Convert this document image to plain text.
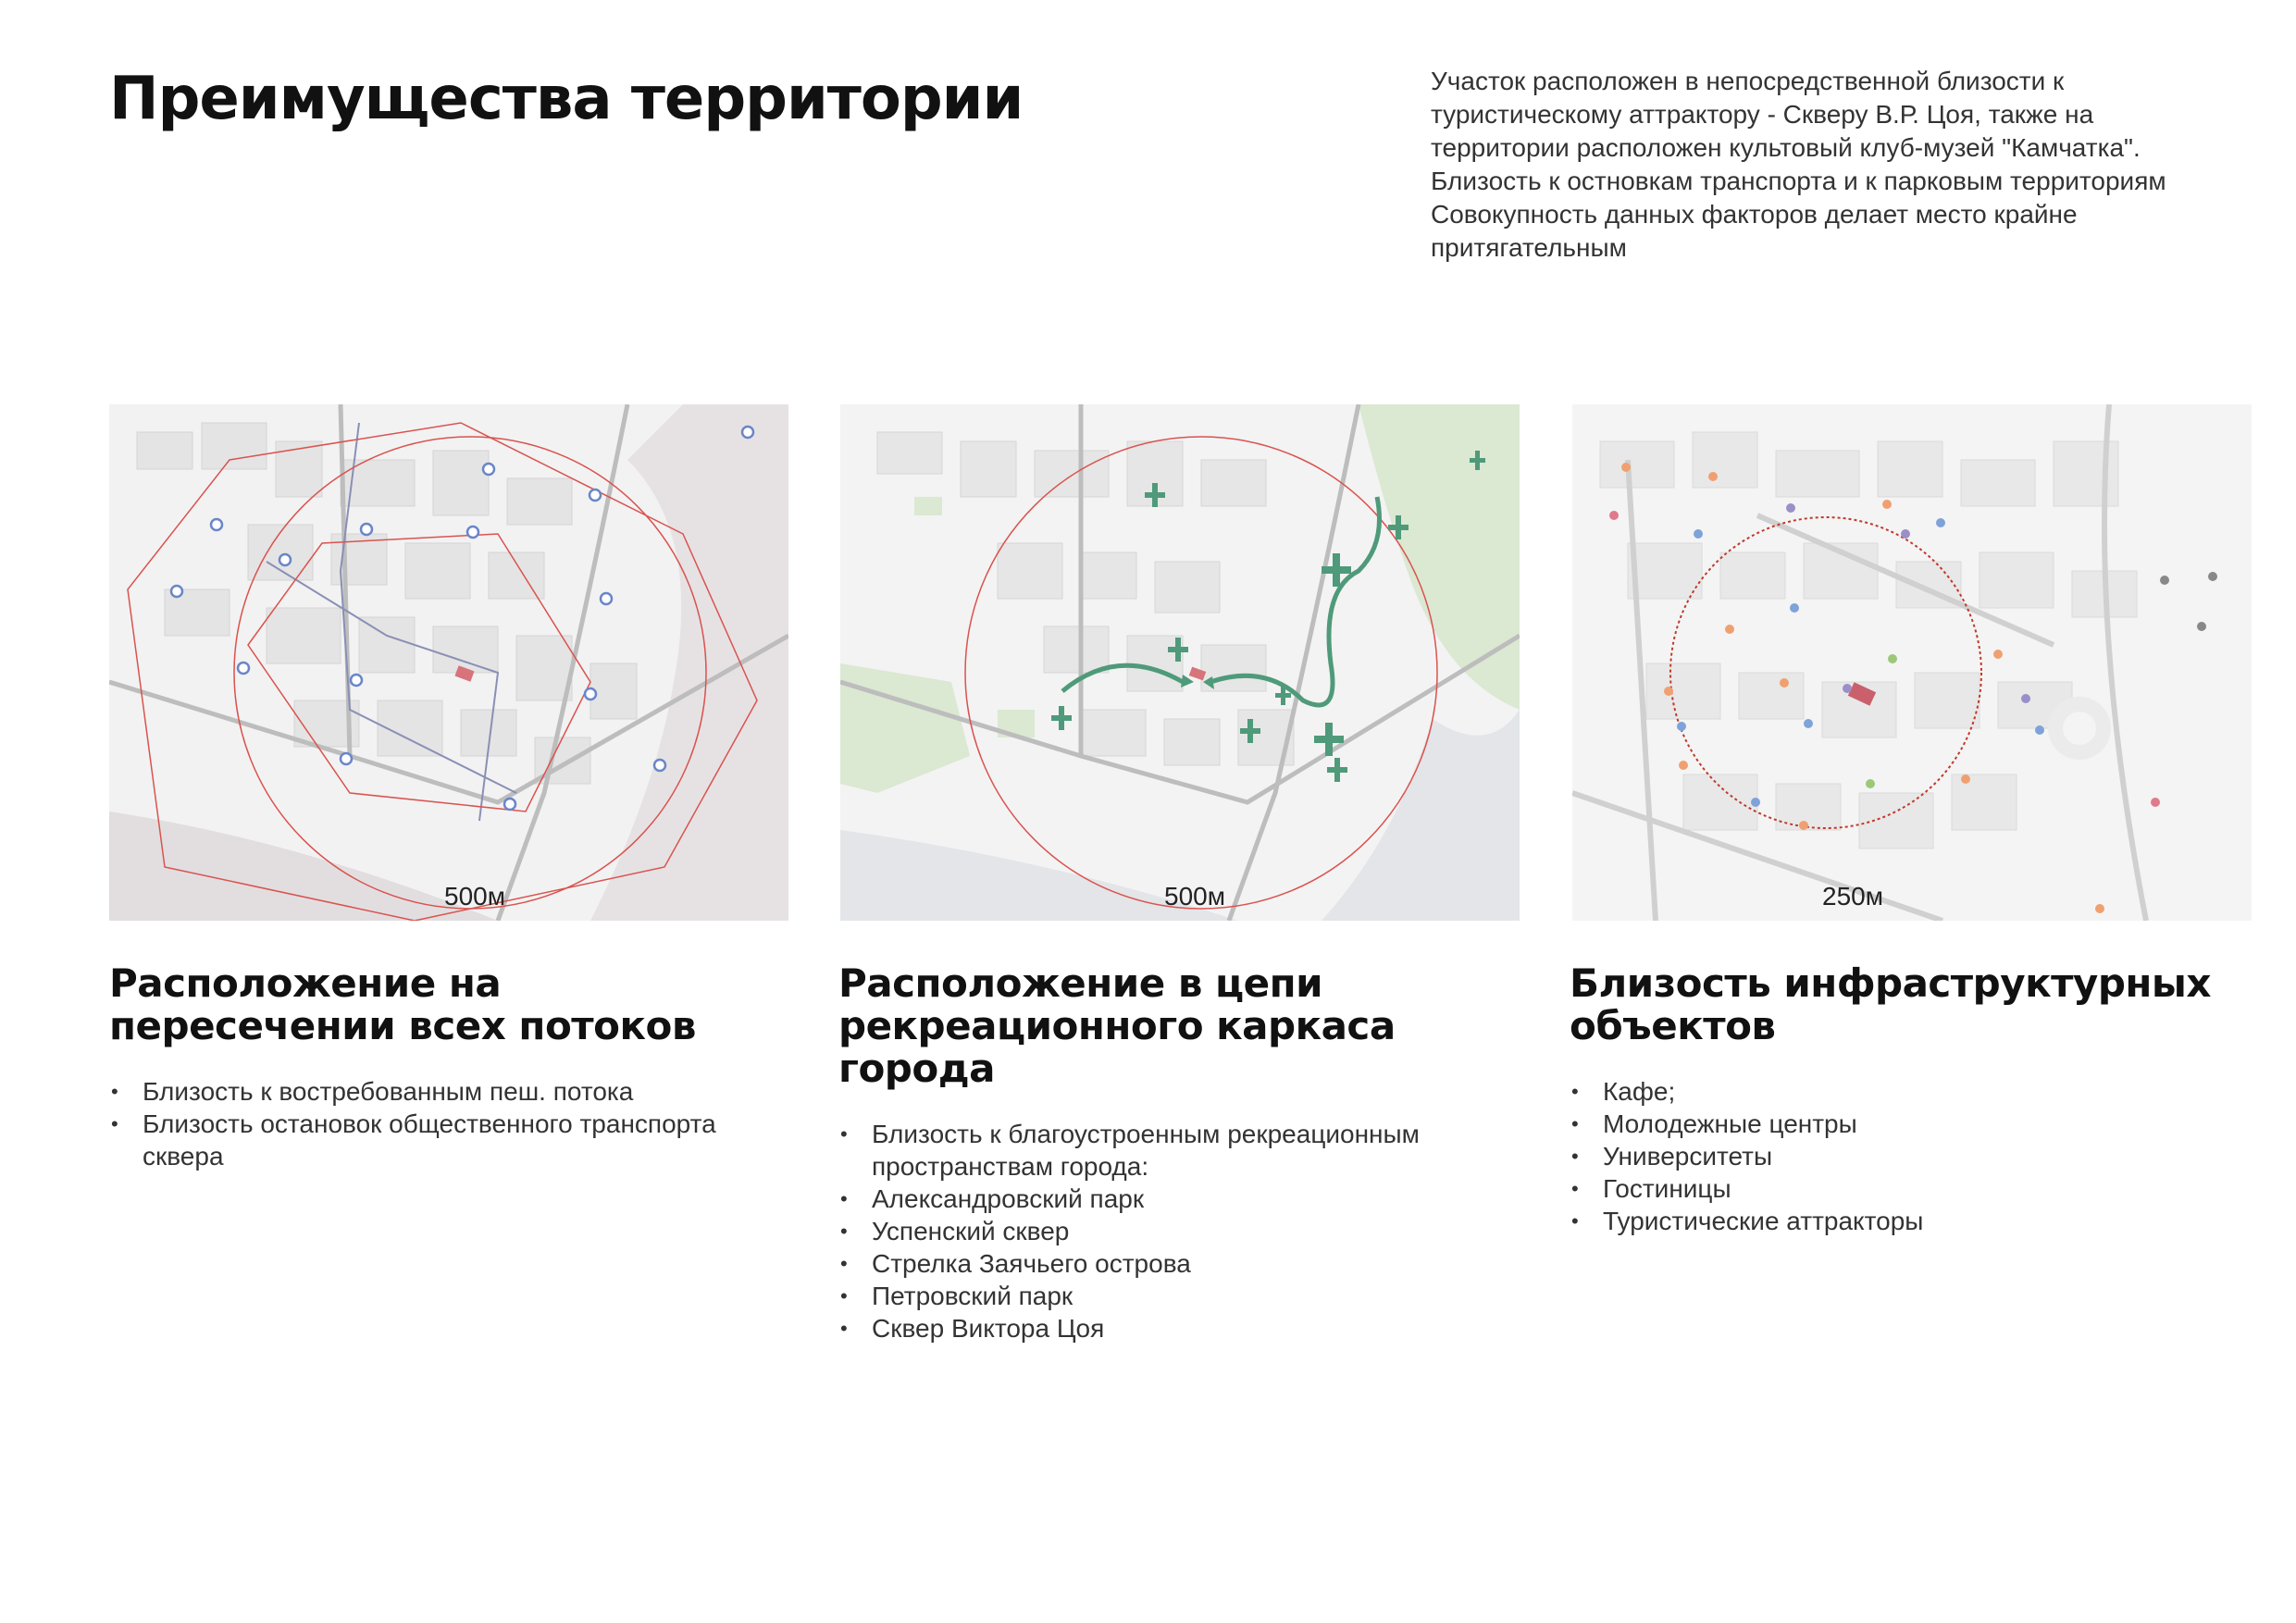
Преимущества территории	Участок расположен в непосредственной близости к
туристическому аттрактору - Скверу В.Р. Цоя, также на
территории расположен культовый клуб-музей "Камчатка".
Близость к остновкам транспорта и к парковым территориям
Совокупность данных факторов делает место крайне
притягательным
500м	500м	250м
Расположение на
пересечении всех потоков
• Близость к востребованным пеш. потока
• Близость остановок общественного транспорта
сквера
Расположение в цепи
рекреационного каркаса
города
• Близость к благоустроенным рекреационным
пространствам города:
• Александровский парк
• Успенский сквер
• Стрелка Заячьего острова
• Петровский парк
• Сквер Виктора Цоя
Близость инфраструктурных
объектов
• Кафе;
• Молодежные центры
• Университеты
• Гостиницы
• Туристические аттракторы
